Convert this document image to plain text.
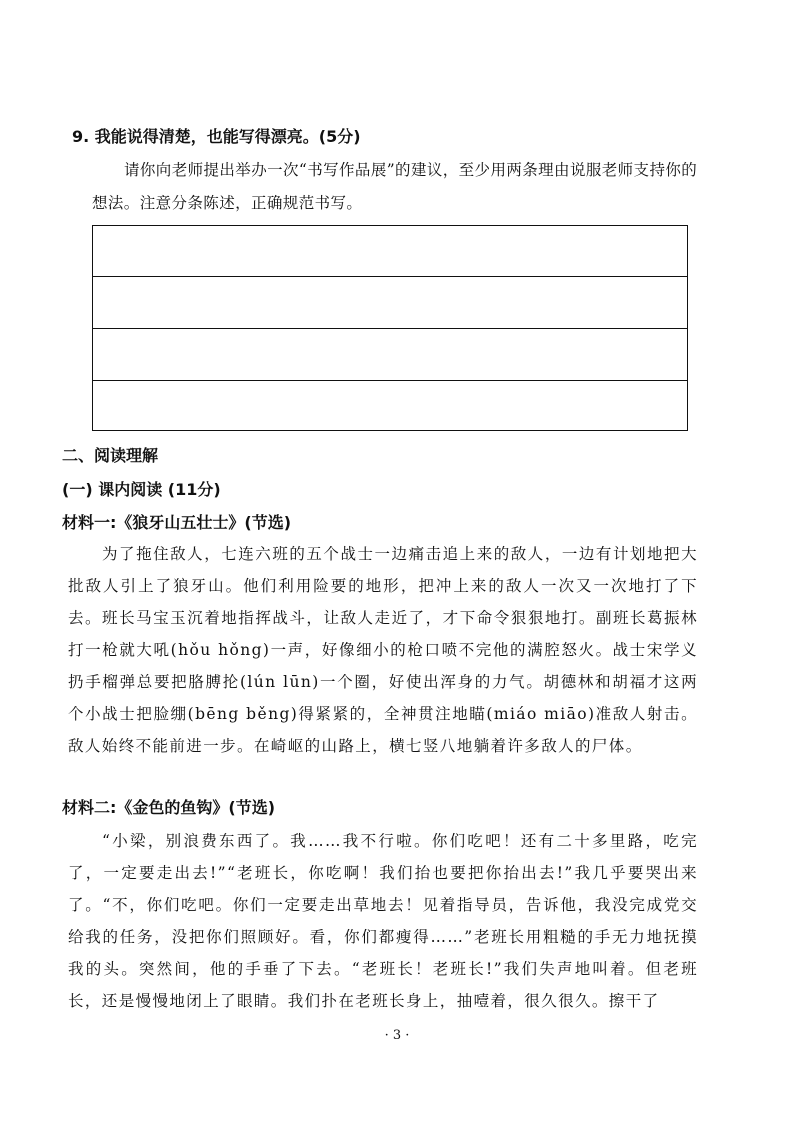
9. 我能说得清楚，也能写得漂亮。(5分)
请你向老师提出举办一次“书写作品展”的建议，至少用两条理由说服老师支持你的想法。注意分条陈述，正确规范书写。
二、阅读理解
(一) 课内阅读 (11分)
材料一:《狼牙山五壮士》(节选)
为了拖住敌人，七连六班的五个战士一边痛击追上来的敌人，一边有计划地把大批敌人引上了狼牙山。他们利用险要的地形，把冲上来的敌人一次又一次地打了下去。班长马宝玉沉着地指挥战斗，让敌人走近了，才下命令狠狠地打。副班长葛振林打一枪就大吼(hǒu hǒng)一声，好像细小的枪口喷不完他的满腔怒火。战士宋学义扔手榴弹总要把胳膊抡(lún lūn)一个圈，好使出浑身的力气。胡德林和胡福才这两个小战士把脸绷(bēng běng)得紧紧的，全神贯注地瞄(miáo miāo)准敌人射击。敌人始终不能前进一步。在崎岖的山路上，横七竖八地躺着许多敌人的尸体。
材料二:《金色的鱼钩》(节选)
“小梁，别浪费东西了。我……我不行啦。你们吃吧！还有二十多里路，吃完了，一定要走出去!”“老班长，你吃啊！我们抬也要把你抬出去!”我几乎要哭出来了。“不，你们吃吧。你们一定要走出草地去！见着指导员，告诉他，我没完成党交给我的任务，没把你们照顾好。看，你们都瘦得……”老班长用粗糙的手无力地抚摸我的头。突然间，他的手垂了下去。“老班长！老班长!”我们失声地叫着。但老班长，还是慢慢地闭上了眼睛。我们扑在老班长身上，抽噎着，很久很久。擦干了
· 3 ·
